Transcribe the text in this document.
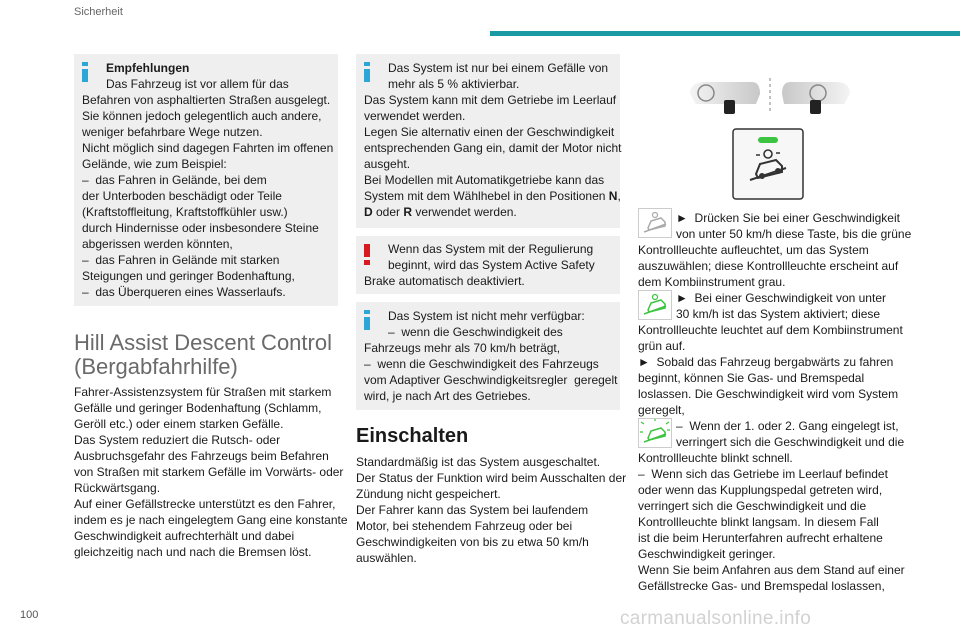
Sicherheit
Empfehlungen
Das Fahrzeug ist vor allem für das
Befahren von asphaltierten Straßen ausgelegt.
Sie können jedoch gelegentlich auch andere,
weniger befahrbare Wege nutzen.
Nicht möglich sind dagegen Fahrten im offenen
Gelände, wie zum Beispiel:
–  das Fahren in Gelände, bei dem
der Unterboden beschädigt oder Teile
(Kraftstoffleitung, Kraftstoffkühler usw.)
durch Hindernisse oder insbesondere Steine
abgerissen werden könnten,
–  das Fahren in Gelände mit starken
Steigungen und geringer Bodenhaftung,
–  das Überqueren eines Wasserlaufs.
Hill Assist Descent Control
(Bergabfahrhilfe)
Fahrer-Assistenzsystem für Straßen mit starkem
Gefälle und geringer Bodenhaftung (Schlamm,
Geröll etc.) oder einem starken Gefälle.
Das System reduziert die Rutsch- oder
Ausbruchsgefahr des Fahrzeugs beim Befahren
von Straßen mit starkem Gefälle im Vorwärts- oder
Rückwärtsgang.
Auf einer Gefällstrecke unterstützt es den Fahrer,
indem es je nach eingelegtem Gang eine konstante
Geschwindigkeit aufrechterhält und dabei
gleichzeitig nach und nach die Bremsen löst.
Das System ist nur bei einem Gefälle von
mehr als 5 % aktivierbar.
Das System kann mit dem Getriebe im Leerlauf
verwendet werden.
Legen Sie alternativ einen der Geschwindigkeit
entsprechenden Gang ein, damit der Motor nicht
ausgeht.
Bei Modellen mit Automatikgetriebe kann das
System mit dem Wählhebel in den Positionen N,
D oder R verwendet werden.
Wenn das System mit der Regulierung
beginnt, wird das System Active Safety
Brake automatisch deaktiviert.
Das System ist nicht mehr verfügbar:
–  wenn die Geschwindigkeit des
Fahrzeugs mehr als 70 km/h beträgt,
–  wenn die Geschwindigkeit des Fahrzeugs
vom Adaptiver Geschwindigkeitsregler  geregelt
wird, je nach Art des Getriebes.
Einschalten
Standardmäßig ist das System ausgeschaltet.
Der Status der Funktion wird beim Ausschalten der
Zündung nicht gespeichert.
Der Fahrer kann das System bei laufendem
Motor, bei stehendem Fahrzeug oder bei
Geschwindigkeiten von bis zu etwa 50 km/h
auswählen.
►  Drücken Sie bei einer Geschwindigkeit
von unter 50 km/h diese Taste, bis die grüne
Kontrollleuchte aufleuchtet, um das System
auszuwählen; diese Kontrollleuchte erscheint auf
dem Kombiinstrument grau.
►  Bei einer Geschwindigkeit von unter
30 km/h ist das System aktiviert; diese
Kontrollleuchte leuchtet auf dem Kombiinstrument
grün auf.
►  Sobald das Fahrzeug bergabwärts zu fahren
beginnt, können Sie Gas- und Bremspedal
loslassen. Die Geschwindigkeit wird vom System
geregelt,
–  Wenn der 1. oder 2. Gang eingelegt ist,
verringert sich die Geschwindigkeit und die
Kontrollleuchte blinkt schnell.
–  Wenn sich das Getriebe im Leerlauf befindet
oder wenn das Kupplungspedal getreten wird,
verringert sich die Geschwindigkeit und die
Kontrollleuchte blinkt langsam. In diesem Fall
ist die beim Herunterfahren aufrecht erhaltene
Geschwindigkeit geringer.
Wenn Sie beim Anfahren aus dem Stand auf einer
Gefällstrecke Gas- und Bremspedal loslassen,
100	carmanualsonline.info
